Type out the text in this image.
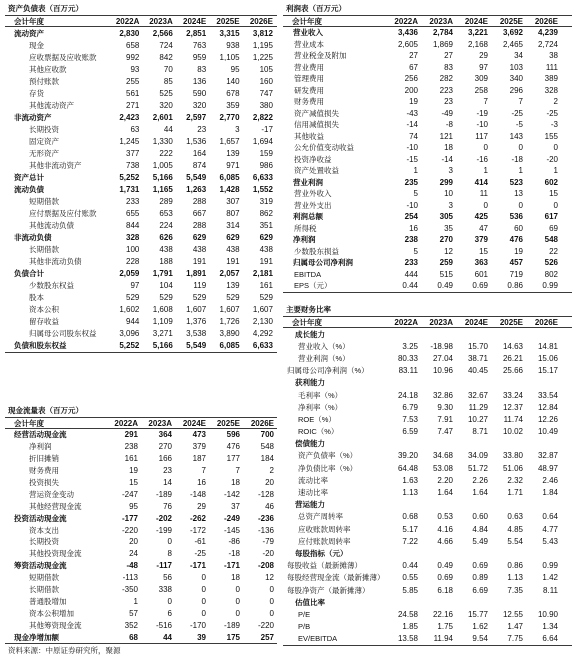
资产负债表（百万元）
会计年度	2022A	2023A	2024E	2025E	2026E
流动资产	2,830	2,566	2,851	3,315	3,812
现金	658	724	763	938	1,195
应收票据及应收账款	992	842	959	1,105	1,225
其他应收款	93	70	83	95	105
预付账款	255	85	136	140	160
存货	561	525	590	678	747
其他流动资产	271	320	320	359	380
非流动资产	2,423	2,601	2,597	2,770	2,822
长期投资	63	44	23	3	-17
固定资产	1,245	1,330	1,536	1,657	1,694
无形资产	377	222	164	139	159
其他非流动资产	738	1,005	874	971	986
资产总计	5,252	5,166	5,549	6,085	6,633
流动负债	1,731	1,165	1,263	1,428	1,552
短期借款	233	289	288	307	319
应付票据及应付账款	655	653	667	807	862
其他流动负债	844	224	288	314	351
非流动负债	328	626	629	629	629
长期借款	100	438	438	438	438
其他非流动负债	228	188	191	191	191
负债合计	2,059	1,791	1,891	2,057	2,181
少数股东权益	97	104	119	139	161
股本	529	529	529	529	529
资本公积	1,602	1,608	1,607	1,607	1,607
留存收益	944	1,109	1,376	1,726	2,130
归属母公司股东权益	3,096	3,271	3,538	3,890	4,292
负债和股东权益	5,252	5,166	5,549	6,085	6,633
利润表（百万元）
会计年度	2022A	2023A	2024E	2025E	2026E
营业收入	3,436	2,784	3,221	3,692	4,239
营业成本	2,605	1,869	2,168	2,465	2,724
营业税金及附加	27	27	29	34	38
营业费用	67	83	97	103	111
管理费用	256	282	309	340	389
研发费用	200	223	258	296	328
财务费用	19	23	7	7	2
资产减值损失	-43	-49	-19	-25	-25
信用减值损失	-14	-8	-10	-5	-3
其他收益	74	121	117	143	155
公允价值变动收益	-10	18	0	0	0
投资净收益	-15	-14	-16	-18	-20
资产处置收益	1	3	1	1	1
营业利润	235	299	414	523	602
营业外收入	5	10	11	13	15
营业外支出	-10	3	0	0	0
利润总额	254	305	425	536	617
所得税	16	35	47	60	69
净利润	238	270	379	476	548
少数股东损益	5	12	15	19	22
归属母公司净利润	233	259	363	457	526
EBITDA	444	515	601	719	802
EPS（元）	0.44	0.49	0.69	0.86	0.99
主要财务比率
会计年度	2022A	2023A	2024E	2025E	2026E
成长能力
营业收入（%）	3.25	-18.98	15.70	14.63	14.81
营业利润（%）	80.33	27.04	38.71	26.21	15.06
归属母公司净利润（%）	83.11	10.96	40.45	25.66	15.17
获利能力
毛利率（%）	24.18	32.86	32.67	33.24	33.54
净利率（%）	6.79	9.30	11.29	12.37	12.84
ROE（%）	7.53	7.91	10.27	11.74	12.26
ROIC（%）	6.59	7.47	8.71	10.02	10.49
偿债能力
资产负债率（%）	39.20	34.68	34.09	33.80	32.87
净负债比率（%）	64.48	53.08	51.72	51.06	48.97
流动比率	1.63	2.20	2.26	2.32	2.46
速动比率	1.13	1.64	1.64	1.71	1.84
营运能力
总资产周转率	0.68	0.53	0.60	0.63	0.64
应收账款周转率	5.17	4.16	4.84	4.85	4.77
应付账款周转率	7.22	4.66	5.49	5.54	5.43
每股指标（元）
每股收益（最新摊薄）	0.44	0.49	0.69	0.86	0.99
每股经营现金流（最新摊薄）	0.55	0.69	0.89	1.13	1.42
每股净资产（最新摊薄）	5.85	6.18	6.69	7.35	8.11
估值比率
P/E	24.58	22.16	15.77	12.55	10.90
P/B	1.85	1.75	1.62	1.47	1.34
EV/EBITDA	13.58	11.94	9.54	7.75	6.64
现金流量表（百万元）
会计年度	2022A	2023A	2024E	2025E	2026E
经营活动现金流	291	364	473	596	700
净利润	238	270	379	476	548
折旧摊销	161	166	187	177	184
财务费用	19	23	7	7	2
投资损失	15	14	16	18	20
营运资金变动	-247	-189	-148	-142	-128
其他经营现金流	95	76	29	37	46
投资活动现金流	-177	-202	-262	-249	-236
资本支出	-220	-199	-172	-145	-136
长期投资	20	0	-61	-86	-79
其他投资现金流	24	8	-25	-18	-20
筹资活动现金流	-48	-117	-171	-171	-208
短期借款	-113	56	0	18	12
长期借款	-350	338	0	0	0
普通股增加	1	0	0	0	0
资本公积增加	57	6	0	0	0
其他筹资现金流	352	-516	-170	-189	-220
现金净增加额	68	44	39	175	257
资料来源：中原证券研究所，聚源
